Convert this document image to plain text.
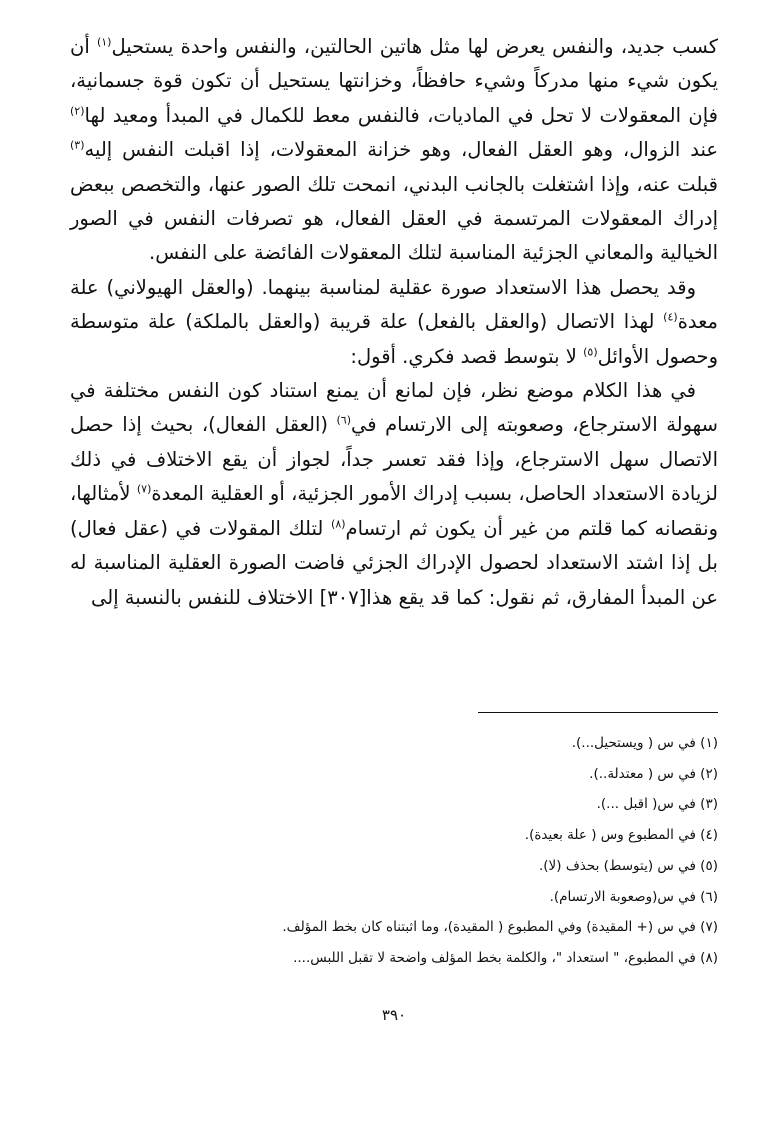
كسب جديد، والنفس يعرض لها مثل هاتين الحالتين، والنفس واحدة يستحيل$^{(١)}$ أن يكون شيء منها مدركاً وشيء حافظاً، وخزانتها يستحيل أن تكون قوة جسمانية، فإن المعقولات لا تحل في الماديات، فالنفس معط للكمال في المبدأ ومعيد لها$^{(٢)}$ عند الزوال، وهو العقل الفعال، وهو خزانة المعقولات، إذا اقبلت النفس إليه$^{(٣)}$ قبلت عنه، وإذا اشتغلت بالجانب البدني، انمحت تلك الصور عنها، والتخصص ببعض إدراك المعقولات المرتسمة في العقل الفعال، هو تصرفات النفس في الصور الخيالية والمعاني الجزئية المناسبة لتلك المعقولات الفائضة على النفس.

وقد يحصل هذا الاستعداد صورة عقلية لمناسبة بينهما. (والعقل الهيولاني) علة معدة$^{(٤)}$ لهذا الاتصال (والعقل بالفعل) علة قريبة (والعقل بالملكة) علة متوسطة وحصول الأوائل$^{(٥)}$ لا بتوسط قصد فكري. أقول:

في هذا الكلام موضع نظر، فإن لمانع أن يمنع استناد كون النفس مختلفة في سهولة الاسترجاع، وصعوبته إلى الارتسام في$^{(٦)}$ (العقل الفعال)، بحيث إذا حصل الاتصال سهل الاسترجاع، وإذا فقد تعسر جداً، لجواز أن يقع الاختلاف في ذلك لزيادة الاستعداد الحاصل، بسبب إدراك الأمور الجزئية، أو العقلية المعدة$^{(٧)}$ لأمثالها، ونقصانه كما قلتم من غير أن يكون ثم ارتسام$^{(٨)}$ لتلك المقولات في (عقل فعال) بل إذا اشتد الاستعداد لحصول الإدراك الجزئي فاضت الصورة العقلية المناسبة له عن المبدأ المفارق، ثم نقول: كما قد يقع هذا[٣٠٧] الاختلاف للنفس بالنسبة إلى

(١) في س ( ويستحيل...).
(٢) في س ( معتدلة..).
(٣) في س( اقبل ...).
(٤) في المطبوع وس ( علة بعيدة).
(٥) في س (يتوسط) بحذف (لا).
(٦) في س(وصعوبة الارتسام).
(٧) في س (+ المقيدة) وفي المطبوع ( المقيدة)، وما اثبتناه كان بخط المؤلف.
(٨) في المطبوع، " استعداد "، والكلمة بخط المؤلف واضحة لا تقبل اللبس....
٣٩٠
